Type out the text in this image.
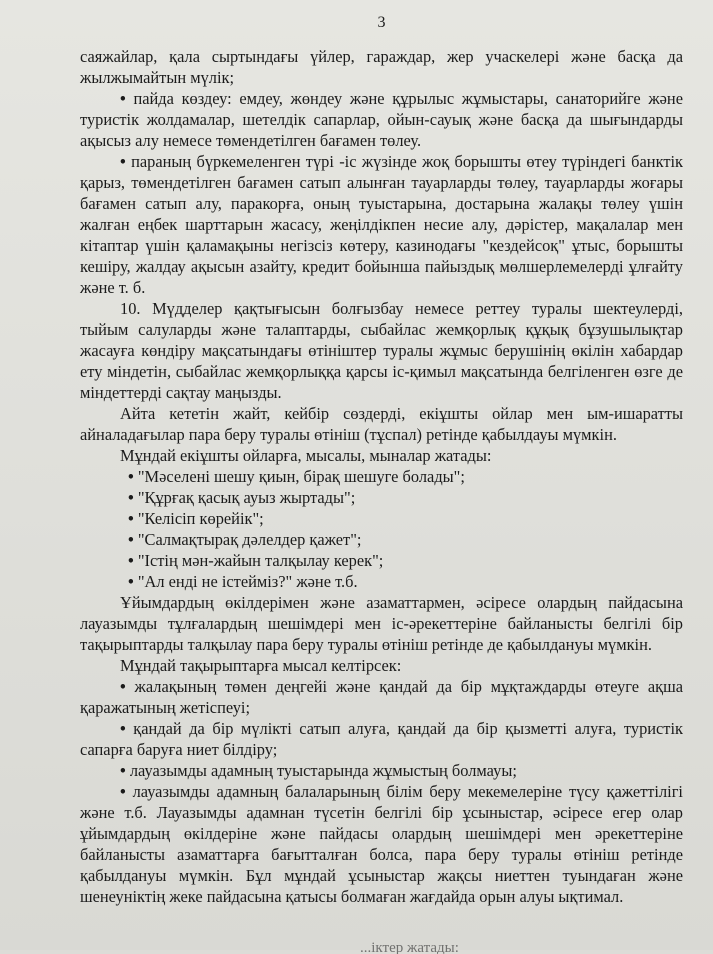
3

саяжайлар, қала сыртындағы үйлер, гараждар, жер учаскелері және басқа да жылжымайтын мүлік;

• пайда көздеу: емдеу, жөндеу және құрылыс жұмыстары, санаторийге және туристік жолдамалар, шетелдік сапарлар, ойын-сауық және басқа да шығындарды ақысыз алу немесе төмендетілген бағамен төлеу.

• параның бүркемеленген түрі -іс жүзінде жоқ борышты өтеу түріндегі банктік қарыз, төмендетілген бағамен сатып алынған тауарларды төлеу, тауарларды жоғары бағамен сатып алу, паракорға, оның туыстарына, достарына жалақы төлеу үшін жалған еңбек шарттарын жасасу, жеңілдікпен несие алу, дәрістер, мақалалар мен кітаптар үшін қаламақыны негізсіз көтеру, казинодағы "кездейсоқ" ұтыс, борышты кешіру, жалдау ақысын азайту, кредит бойынша пайыздық мөлшерлемелерді ұлғайту және т. б.

10. Мүдделер қақтығысын болғызбау немесе реттеу туралы шектеулерді, тыйым салуларды және талаптарды, сыбайлас жемқорлық құқық бұзушылықтар жасауға көндіру мақсатындағы өтініштер туралы жұмыс берушінің өкілін хабардар ету міндетін, сыбайлас жемқорлыққа қарсы іс-қимыл мақсатында белгіленген өзге де міндеттерді сақтау маңызды.

Айта кететін жайт, кейбір сөздерді, екіұшты ойлар мен ым-ишаратты айналадағылар пара беру туралы өтініш (тұспал) ретінде қабылдауы мүмкін.

Мұндай екіұшты ойларға, мысалы, мыналар жатады:

• "Мәселені шешу қиын, бірақ шешуге болады";

• "Құрғақ қасық ауыз жыртады";

• "Келісіп көрейік";

• "Салмақтырақ дәлелдер қажет";

• "Істің мән-жайын талқылау керек";

• "Ал енді не істейміз?" және т.б.

Ұйымдардың өкілдерімен және азаматтармен, әсіресе олардың пайдасына лауазымды тұлғалардың шешімдері мен іс-әрекеттеріне байланысты белгілі бір тақырыптарды талқылау пара беру туралы өтініш ретінде де қабылдануы мүмкін.

Мұндай тақырыптарға мысал келтірсек:

• жалақының төмен деңгейі және қандай да бір мұқтаждарды өтеуге ақша қаражатының жетіспеуі;

• қандай да бір мүлікті сатып алуға, қандай да бір қызметті алуға, туристік сапарға баруға ниет білдіру;

• лауазымды адамның туыстарында жұмыстың болмауы;

• лауазымды адамның балаларының білім беру мекемелеріне түсу қажеттілігі және т.б. Лауазымды адамнан түсетін белгілі бір ұсыныстар, әсіресе егер олар ұйымдардың өкілдеріне және пайдасы олардың шешімдері мен әрекеттеріне байланысты азаматтарға бағытталған болса, пара беру туралы өтініш ретінде қабылдануы мүмкін. Бұл мұндай ұсыныстар жақсы ниеттен туындаған және шенеуніктің жеке пайдасына қатысы болмаған жағдайда орын алуы ықтимал.

...іктер жатады:
